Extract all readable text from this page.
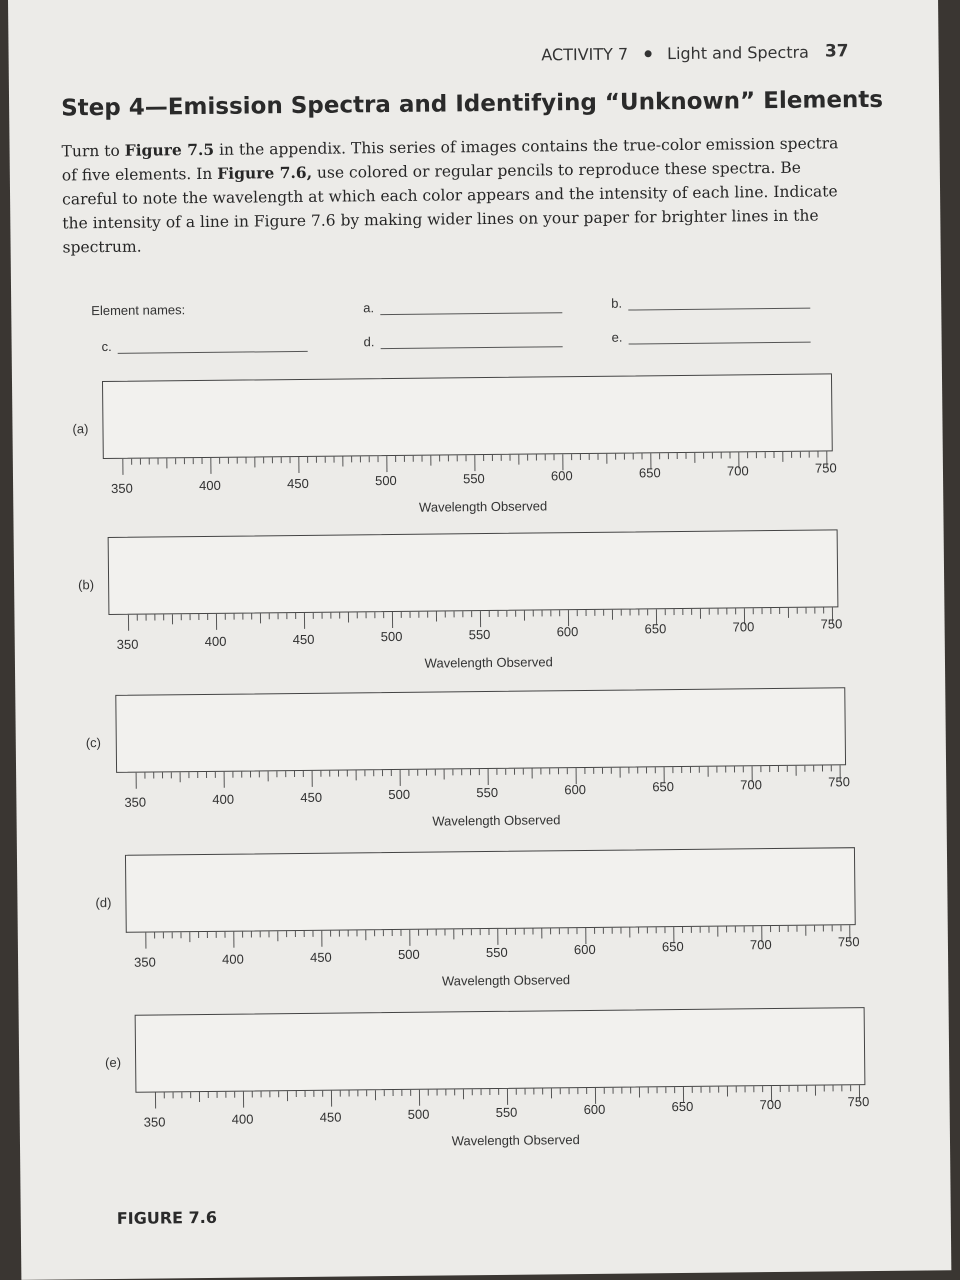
ACTIVITY 7 Light and Spectra 37
Step 4—Emission Spectra and Identifying “Unknown” Elements
Turn to Figure 7.5 in the appendix. This series of images contains the true-color emission spectra of five elements. In Figure 7.6, use colored or regular pencils to reproduce these spectra. Be careful to note the wavelength at which each color appears and the intensity of each line. Indicate the intensity of a line in Figure 7.6 by making wider lines on your paper for brighter lines in the spectrum.
Element names:	a.	b.
c.	d.	e.
(a)
350	400	450	500	550	600	650	700	750
Wavelength Observed
(b)
350	400	450	500	550	600	650	700	750
Wavelength Observed
(c)
350	400	450	500	550	600	650	700	750
Wavelength Observed
(d)
350	400	450	500	550	600	650	700	750
Wavelength Observed
(e)
350	400	450	500	550	600	650	700	750
Wavelength Observed
FIGURE 7.6
